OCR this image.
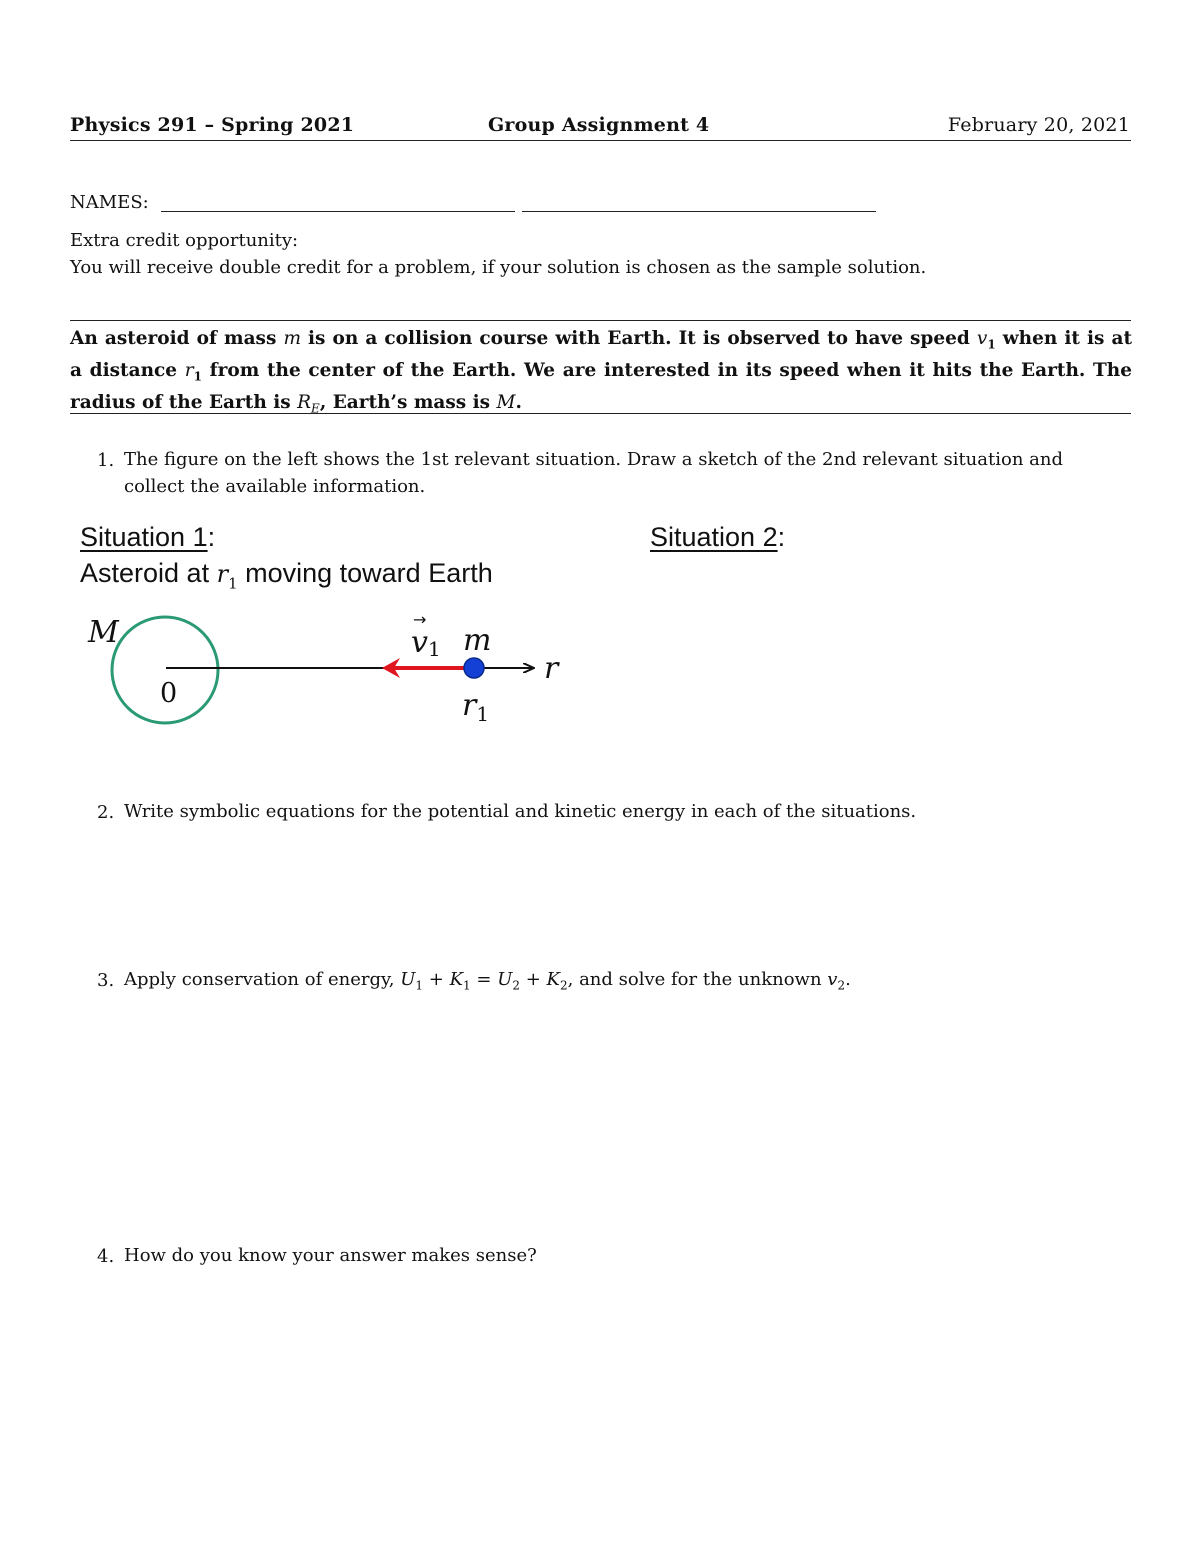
Physics 291 – Spring 2021	Group Assignment 4	February 20, 2021
NAMES:
Extra credit opportunity:
You will receive double credit for a problem, if your solution is chosen as the sample solution.
An asteroid of mass m is on a collision course with Earth. It is observed to have speed $v_1$ when it is at a distance $r_1$ from the center of the Earth. We are interested in its speed when it hits the Earth. The radius of the Earth is $R_E$, Earth’s mass is M.
1. The figure on the left shows the 1st relevant situation. Draw a sketch of the 2nd relevant situation and collect the available information.
Situation 1:
Asteroid at $r_1$ moving toward Earth
Situation 2:
M
0
v1
→
m
r
$r_1$
2. Write symbolic equations for the potential and kinetic energy in each of the situations.
3. Apply conservation of energy, $U_1 + K_1 = U_2 + K_2$, and solve for the unknown $v_2$.
4. How do you know your answer makes sense?
